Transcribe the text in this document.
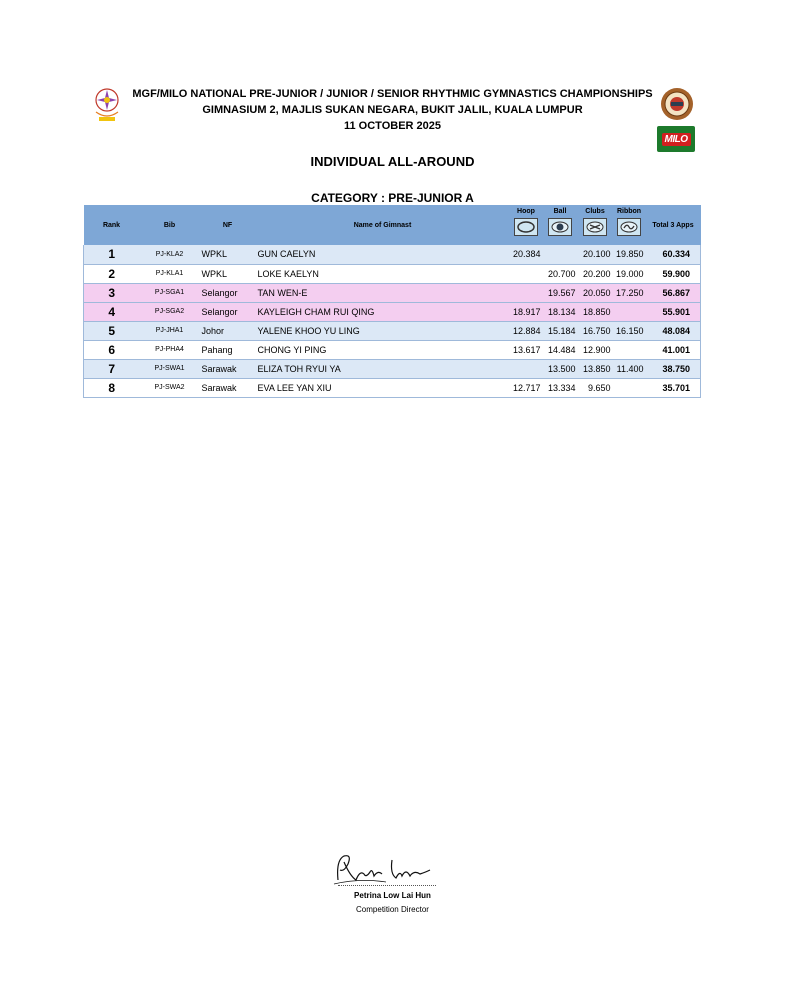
MILO
MGF/MILO NATIONAL PRE-JUNIOR / JUNIOR / SENIOR RHYTHMIC GYMNASTICS CHAMPIONSHIPS
GIMNASIUM 2, MAJLIS SUKAN NEGARA, BUKIT JALIL, KUALA LUMPUR
11 OCTOBER 2025
INDIVIDUAL ALL-AROUND
CATEGORY : PRE-JUNIOR A
Rank	Bib	NF	Name of Gimnast	Hoop	Ball	Clubs	Ribbon	Total 3 Apps
1	PJ-KLA2	WPKL	GUN CAELYN	20.384		20.100	19.850	60.334
2	PJ-KLA1	WPKL	LOKE KAELYN		20.700	20.200	19.000	59.900
3	PJ-SGA1	Selangor	TAN WEN-E		19.567	20.050	17.250	56.867
4	PJ-SGA2	Selangor	KAYLEIGH CHAM RUI QING	18.917	18.134	18.850		55.901
5	PJ-JHA1	Johor	YALENE KHOO YU LING	12.884	15.184	16.750	16.150	48.084
6	PJ-PHA4	Pahang	CHONG YI PING	13.617	14.484	12.900		41.001
7	PJ-SWA1	Sarawak	ELIZA TOH RYUI YA		13.500	13.850	11.400	38.750
8	PJ-SWA2	Sarawak	EVA LEE YAN XIU	12.717	13.334	9.650		35.701
Petrina Low Lai Hun
Competition Director
